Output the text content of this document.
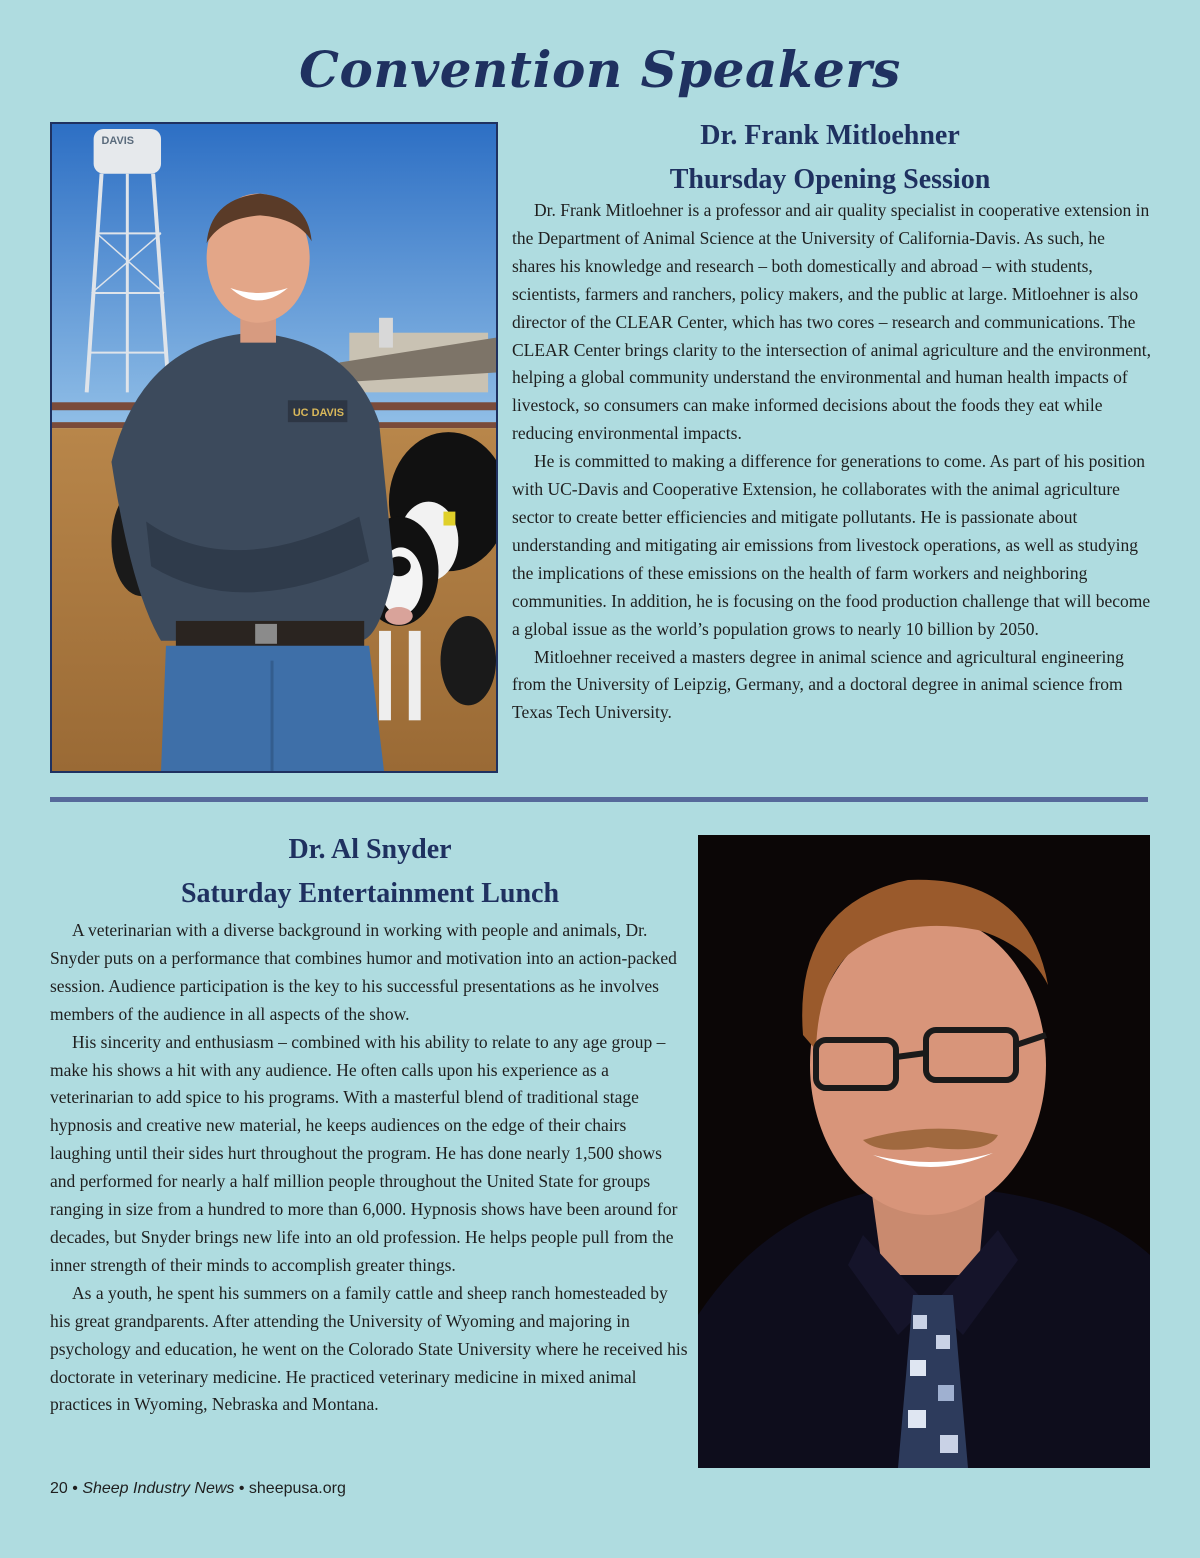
Convention Speakers
DAVIS
UC DAVIS
Dr. Frank Mitloehner
Thursday Opening Session

Dr. Frank Mitloehner is a professor and air quality specialist in cooperative extension in the Department of Animal Science at the University of California-Davis. As such, he shares his knowledge and research – both domestically and abroad – with students, scientists, farmers and ranchers, policy makers, and the public at large. Mitloehner is also director of the CLEAR Center, which has two cores – research and communications. The CLEAR Center brings clarity to the intersection of animal agriculture and the environment, helping a global community understand the environmental and human health impacts of livestock, so consumers can make informed decisions about the foods they eat while reducing environmental impacts.

He is committed to making a difference for generations to come. As part of his position with UC-Davis and Cooperative Extension, he collaborates with the animal agriculture sector to create better efficiencies and mitigate pollutants. He is passionate about understanding and mitigating air emissions from livestock operations, as well as studying the implications of these emissions on the health of farm workers and neighboring communities. In addition, he is focusing on the food production challenge that will become a global issue as the world’s population grows to nearly 10 billion by 2050.

Mitloehner received a masters degree in animal science and agricultural engineering from the University of Leipzig, Germany, and a doctoral degree in animal science from Texas Tech University.

Dr. Al Snyder
Saturday Entertainment Lunch

A veterinarian with a diverse background in working with people and animals, Dr. Snyder puts on a performance that combines humor and motivation into an action-packed session. Audience participation is the key to his successful presentations as he involves members of the audience in all aspects of the show.

His sincerity and enthusiasm – combined with his ability to relate to any age group – make his shows a hit with any audience. He often calls upon his experience as a veterinarian to add spice to his programs. With a masterful blend of traditional stage hypnosis and creative new material, he keeps audiences on the edge of their chairs laughing until their sides hurt throughout the program. He has done nearly 1,500 shows and performed for nearly a half million people throughout the United State for groups ranging in size from a hundred to more than 6,000. Hypnosis shows have been around for decades, but Snyder brings new life into an old profession. He helps people pull from the inner strength of their minds to accomplish greater things.

As a youth, he spent his summers on a family cattle and sheep ranch homesteaded by his great grandparents. After attending the University of Wyoming and majoring in psychology and education, he went on the Colorado State University where he received his doctorate in veterinary medicine. He practiced veterinary medicine in mixed animal practices in Wyoming, Nebraska and Montana.

20 • Sheep Industry News • sheepusa.org
